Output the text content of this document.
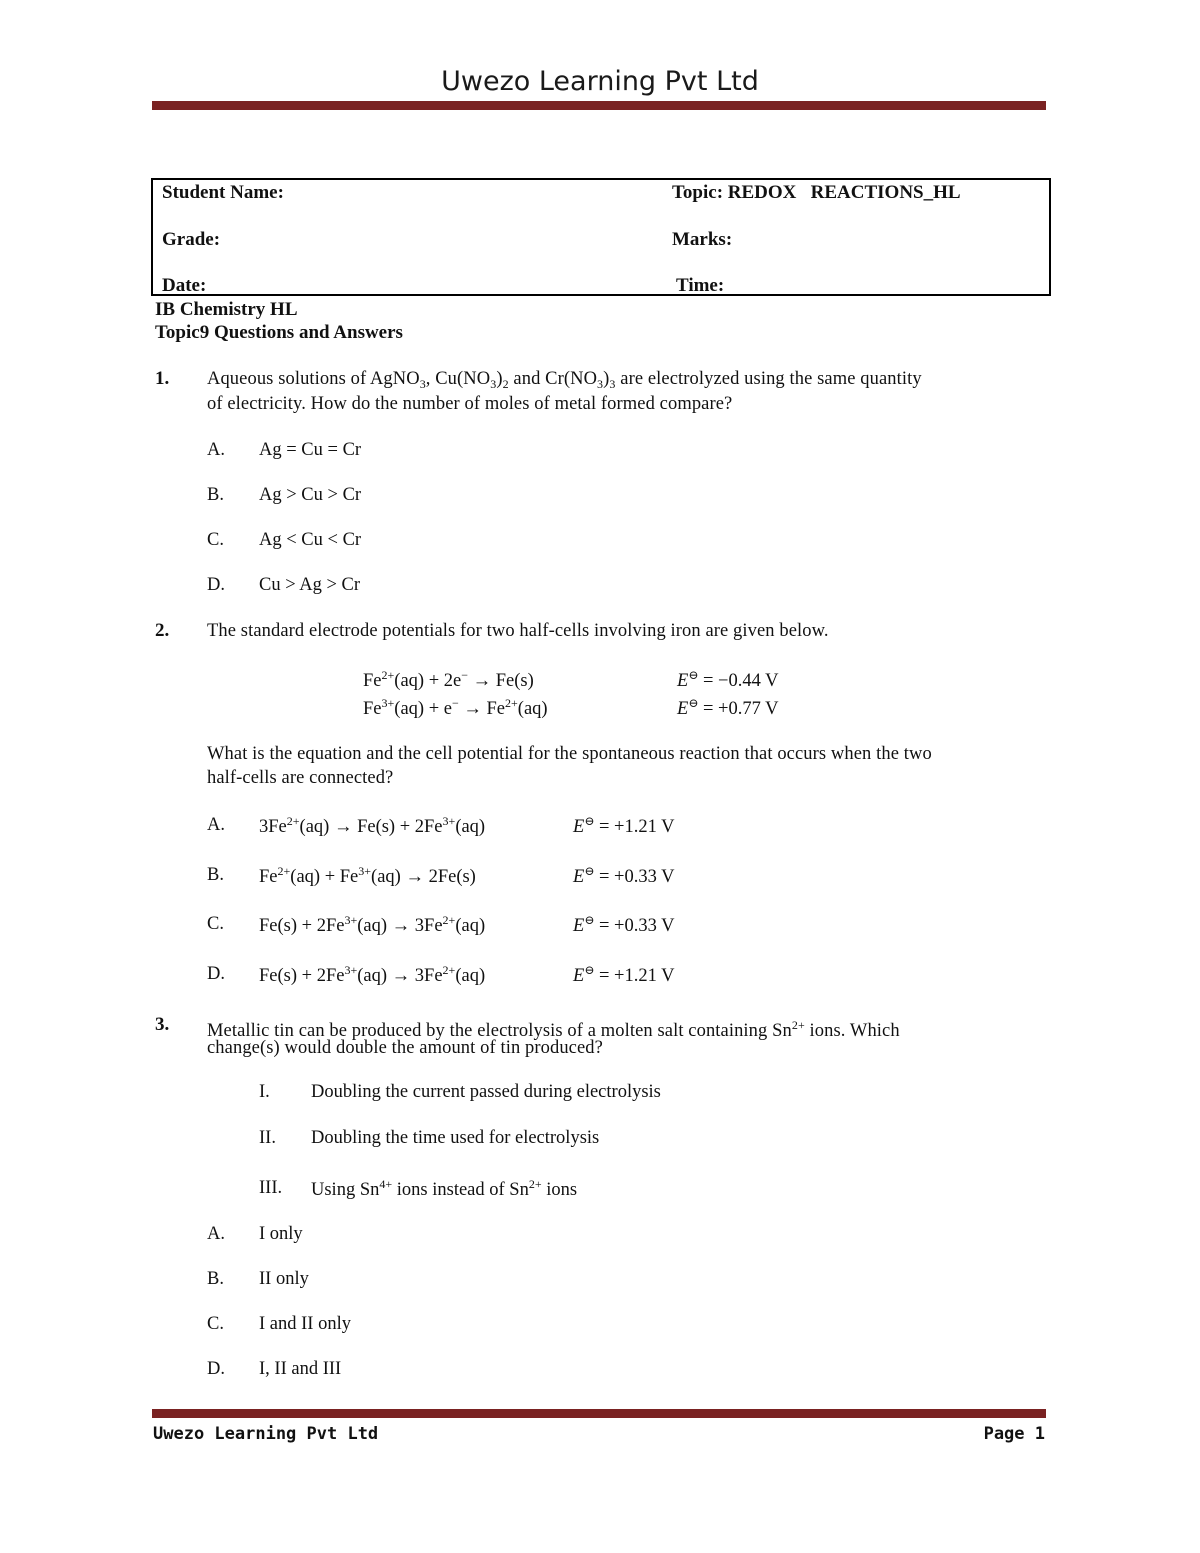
Uwezo Learning Pvt Ltd
Student Name:
Grade:
Date:
Topic: REDOX   REACTIONS_HL
Marks:
Time:
IB Chemistry HL
Topic9 Questions and Answers
1. Aqueous solutions of AgNO$_3$, $Cu(NO_3)_2$ and $Cr(NO_3)_3$ are electrolyzed using the same quantity
of electricity. How do the number of moles of metal formed compare?
A. Ag = Cu = Cr
B. Ag > Cu > Cr
C. Ag < Cu < Cr
D. Cu > Ag > Cr
2. The standard electrode potentials for two half-cells involving iron are given below.
$Fe^{2+}(aq) + 2e^- \to Fe(s)$	E⊖ = −0.44 V
$Fe^{3+}(aq) + e^- \to Fe^{2+}(aq)$	E⊖ = +0.77 V
What is the equation and the cell potential for the spontaneous reaction that occurs when the two
half-cells are connected?
A. $3Fe^{2+}(aq) \to Fe(s) + 2Fe^{3+}(aq)$	E⊖ = +1.21 V
B. $Fe^{2+}(aq) + Fe^{3+}(aq) \to 2Fe(s)$	E⊖ = +0.33 V
C. $Fe(s) + 2Fe^{3+}(aq) \to 3Fe^{2+}(aq)$	E⊖ = +0.33 V
D. $Fe(s) + 2Fe^{3+}(aq) \to 3Fe^{2+}(aq)$	E⊖ = +1.21 V
3. Metallic tin can be produced by the electrolysis of a molten salt containing $Sn^{2+}$ ions. Which
change(s) would double the amount of tin produced?
I. Doubling the current passed during electrolysis
II. Doubling the time used for electrolysis
III. Using $Sn^{4+}$ ions instead of $Sn^{2+}$ ions
A. I only
B. II only
C. I and II only
D. I, II and III
Uwezo Learning Pvt Ltd	Page 1
